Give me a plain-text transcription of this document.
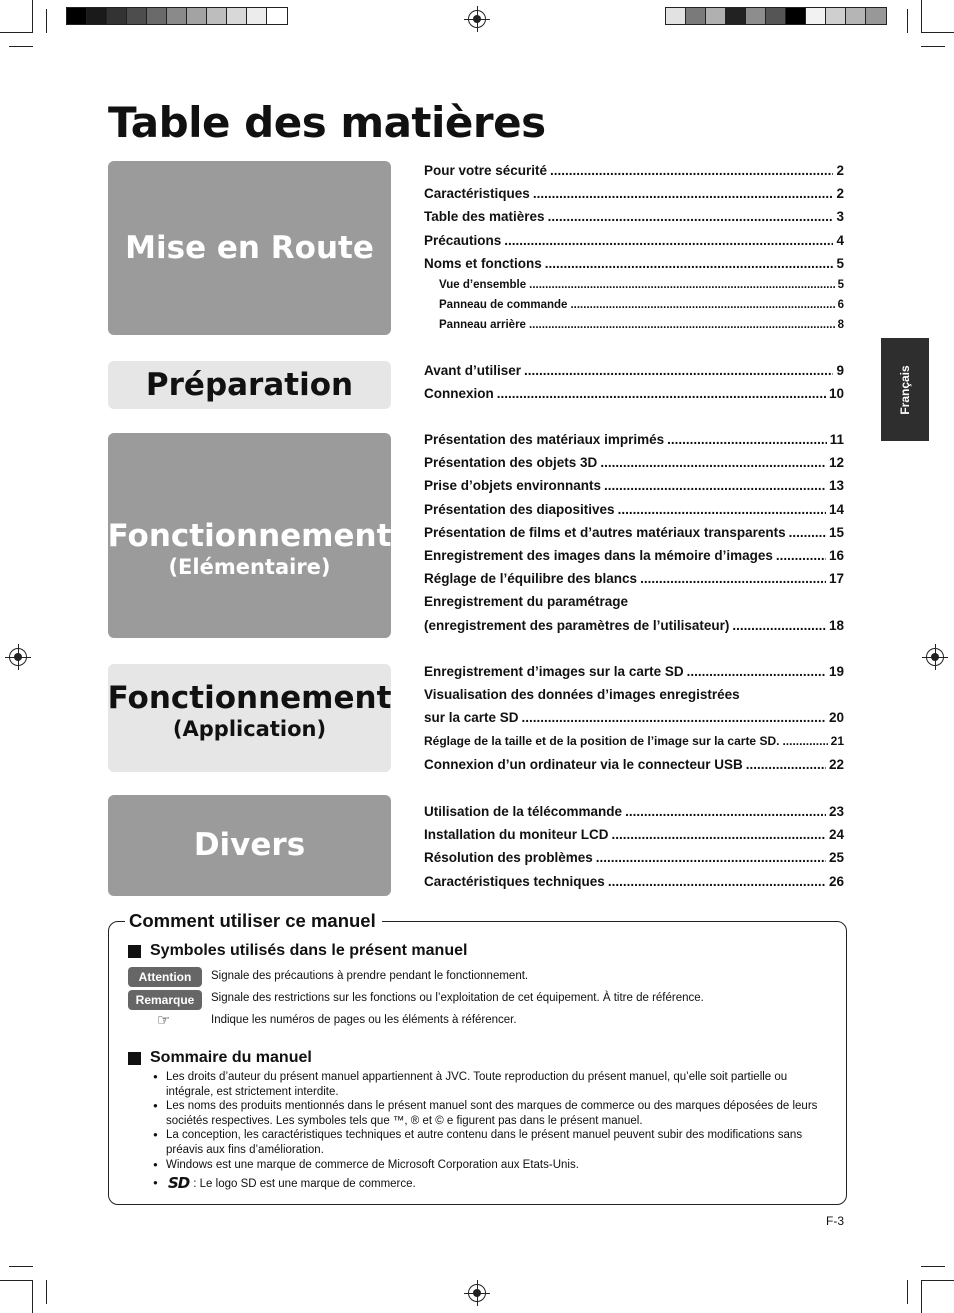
Table des matières
Mise en Route
Préparation
Fonctionnement
(Elémentaire)
Fonctionnement
(Application)
Divers
Pour votre sécurité .....	2
Caractéristiques .....	2
Table des matières .....	3
Précautions .....	4
Noms et fonctions .....	5
Vue d’ensemble .....	5
Panneau de commande .....	6
Panneau arrière .....	8
Avant d’utiliser .....	9
Connexion .....	10
Présentation des matériaux imprimés .....	11
Présentation des objets 3D .....	12
Prise d’objets environnants .....	13
Présentation des diapositives .....	14
Présentation de films et d’autres matériaux transparents .....	15
Enregistrement des images dans la mémoire d’images .....	16
Réglage de l’équilibre des blancs .....	17
Enregistrement du paramétrage
(enregistrement des paramètres de l’utilisateur) .....	18
Enregistrement d’images sur la carte SD .....	19
Visualisation des données d’images enregistrées
sur la carte SD .....	20
Réglage de la taille et de la position de l’image sur la carte SD. .....	21
Connexion d’un ordinateur via le connecteur USB .....	22
Utilisation de la télécommande .....	23
Installation du moniteur LCD .....	24
Résolution des problèmes .....	25
Caractéristiques techniques .....	26
Français
Comment utiliser ce manuel
Symboles utilisés dans le présent manuel
Attention	Signale des précautions à prendre pendant le fonctionnement.
Remarque	Signale des restrictions sur les fonctions ou l’exploitation de cet équipement. À titre de référence.
☞	Indique les numéros de pages ou les éléments à référencer.
Sommaire du manuel
● Les droits d’auteur du présent manuel appartiennent à JVC. Toute reproduction du présent manuel, qu’elle soit partielle ou intégrale, est strictement interdite.
● Les noms des produits mentionnés dans le présent manuel sont des marques de commerce ou des marques déposées de leurs sociétés respectives. Les symboles tels que ™, ® et © e figurent pas dans le présent manuel.
● La conception, les caractéristiques techniques et autre contenu dans le présent manuel peuvent subir des modifications sans préavis aux fins d’amélioration.
● Windows est une marque de commerce de Microsoft Corporation aux Etats-Unis.
● SD : Le logo SD est une marque de commerce.
F-3
